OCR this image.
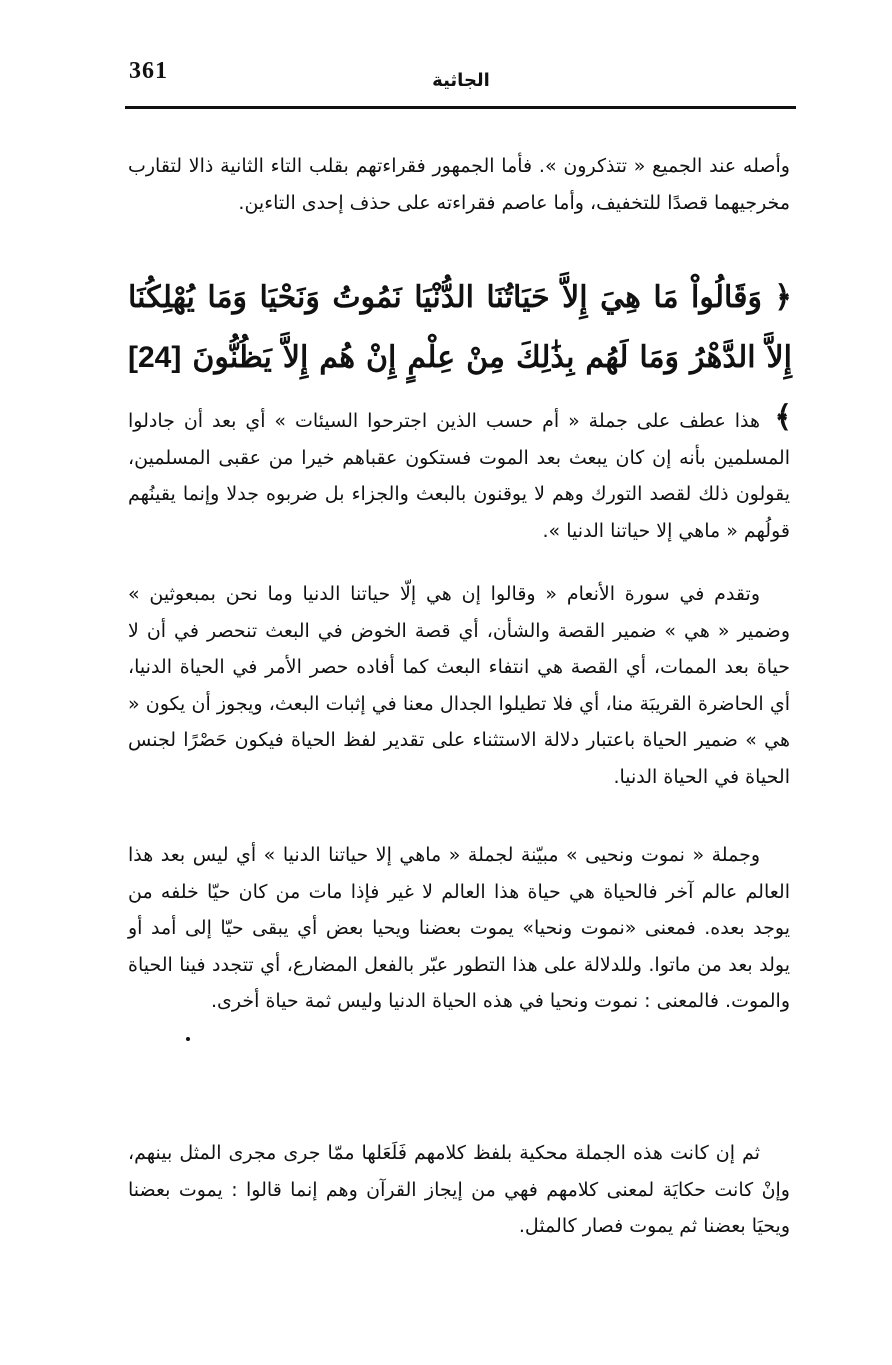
361	الجاثية

وأصله عند الجميع « تتذكرون ». فأما الجمهور فقراءتهم بقلب التاء الثانية ذالا لتقارب مخرجيهما قصدًا للتخفيف، وأما عاصم فقراءته على حذف إحدى التاءين.

﴿ وَقَالُواْ مَا هِيَ إِلاَّ حَيَاتُنَا الدُّنْيَا نَمُوتُ وَنَحْيَا وَمَا يُهْلِكُنَا إِلاَّ الدَّهْرُ وَمَا لَهُم بِذَٰلِكَ مِنْ عِلْمٍ إِنْ هُم إِلاَّ يَظُنُّونَ [24] ﴾

هذا عطف على جملة « أم حسب الذين اجترحوا السيئات » أي بعد أن جادلوا المسلمين بأنه إن كان يبعث بعد الموت فستكون عقباهم خيرا من عقبى المسلمين، يقولون ذلك لقصد التورك وهم لا يوقنون بالبعث والجزاء بل ضربوه جدلا وإنما يقينُهم قولُهم « ماهي إلا حياتنا الدنيا ».

وتقدم في سورة الأنعام « وقالوا إن هي إلّا حياتنا الدنيا وما نحن بمبعوثين » وضمير « هي » ضمير القصة والشأن، أي قصة الخوض في البعث تنحصر في أن لا حياة بعد الممات، أي القصة هي انتفاء البعث كما أفاده حصر الأمر في الحياة الدنيا، أي الحاضرة القريبَة منا، أي فلا تطيلوا الجدال معنا في إثبات البعث، ويجوز أن يكون « هي » ضمير الحياة باعتبار دلالة الاستثناء على تقدير لفظ الحياة فيكون حَصْرًا لجنس الحياة في الحياة الدنيا.

وجملة « نموت ونحيى » مبيّنة لجملة « ماهي إلا حياتنا الدنيا » أي ليس بعد هذا العالم عالم آخر فالحياة هي حياة هذا العالم لا غير فإذا مات من كان حيّا خلفه من يوجد بعده. فمعنى «نموت ونحيا» يموت بعضنا ويحيا بعض أي يبقى حيّا إلى أمد أو يولد بعد من ماتوا. وللدلالة على هذا التطور عبّر بالفعل المضارع، أي تتجدد فينا الحياة والموت. فالمعنى : نموت ونحيا في هذه الحياة الدنيا وليس ثمة حياة أخرى.

ثم إن كانت هذه الجملة محكية بلفظ كلامهم فَلَعَلها ممّا جرى مجرى المثل بينهم، وإنْ كانت حكايَة لمعنى كلامهم فهي من إيجاز القرآن وهم إنما قالوا : يموت بعضنا ويحيَا بعضنا ثم يموت فصار كالمثل.
